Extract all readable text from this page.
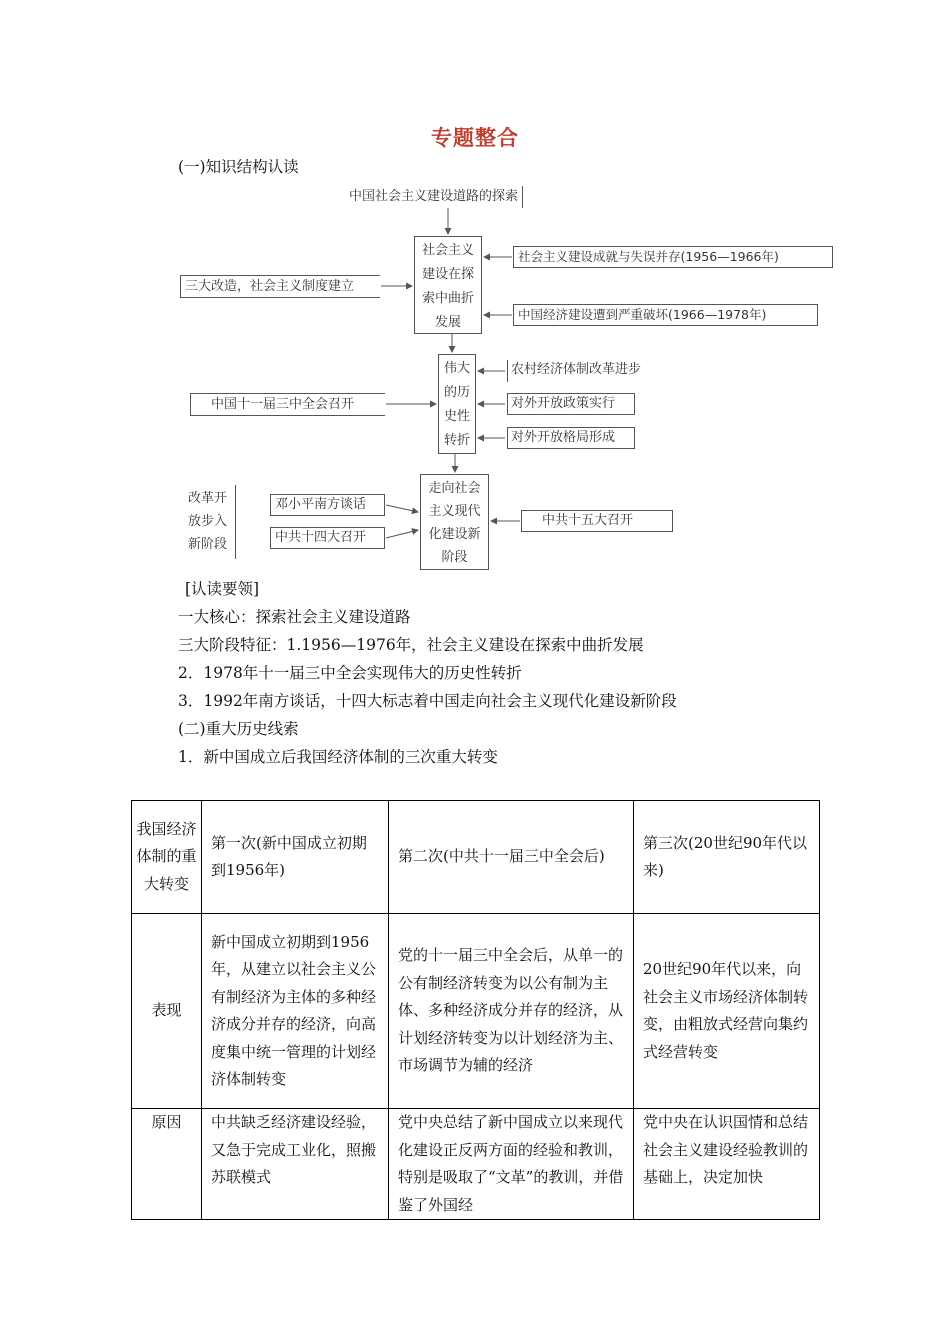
专题整合
(一)知识结构认读
中国社会主义建设道路的探索
社会主义建设在探索中曲折发展
三大改造，社会主义制度建立
社会主义建设成就与失误并存(1956—1966年)
中国经济建设遭到严重破坏(1966—1978年)
伟大的历史性转折
中国十一届三中全会召开
农村经济体制改革进步
对外开放政策实行
对外开放格局形成
走向社会主义现代化建设新阶段
改革开放步入新阶段
邓小平南方谈话
中共十四大召开
中共十五大召开
[认读要领]
一大核心：探索社会主义建设道路
三大阶段特征：1.1956—1976年，社会主义建设在探索中曲折发展
2．1978年十一届三中全会实现伟大的历史性转折
3．1992年南方谈话，十四大标志着中国走向社会主义现代化建设新阶段
(二)重大历史线索
1．新中国成立后我国经济体制的三次重大转变
我国经济体制的重大转变	第一次(新中国成立初期到1956年)	第二次(中共十一届三中全会后)	第三次(20世纪90年代以来)
表现	新中国成立初期到1956年，从建立以社会主义公有制经济为主体的多种经济成分并存的经济，向高度集中统一管理的计划经济体制转变	党的十一届三中全会后，从单一的公有制经济转变为以公有制为主体、多种经济成分并存的经济，从计划经济转变为以计划经济为主、市场调节为辅的经济	20世纪90年代以来，向社会主义市场经济体制转变，由粗放式经营向集约式经营转变
原因	中共缺乏经济建设经验，又急于完成工业化，照搬苏联模式	党中央总结了新中国成立以来现代化建设正反两方面的经验和教训，特别是吸取了“文革”的教训，并借鉴了外国经	党中央在认识国情和总结社会主义建设经验教训的基础上，决定加快
